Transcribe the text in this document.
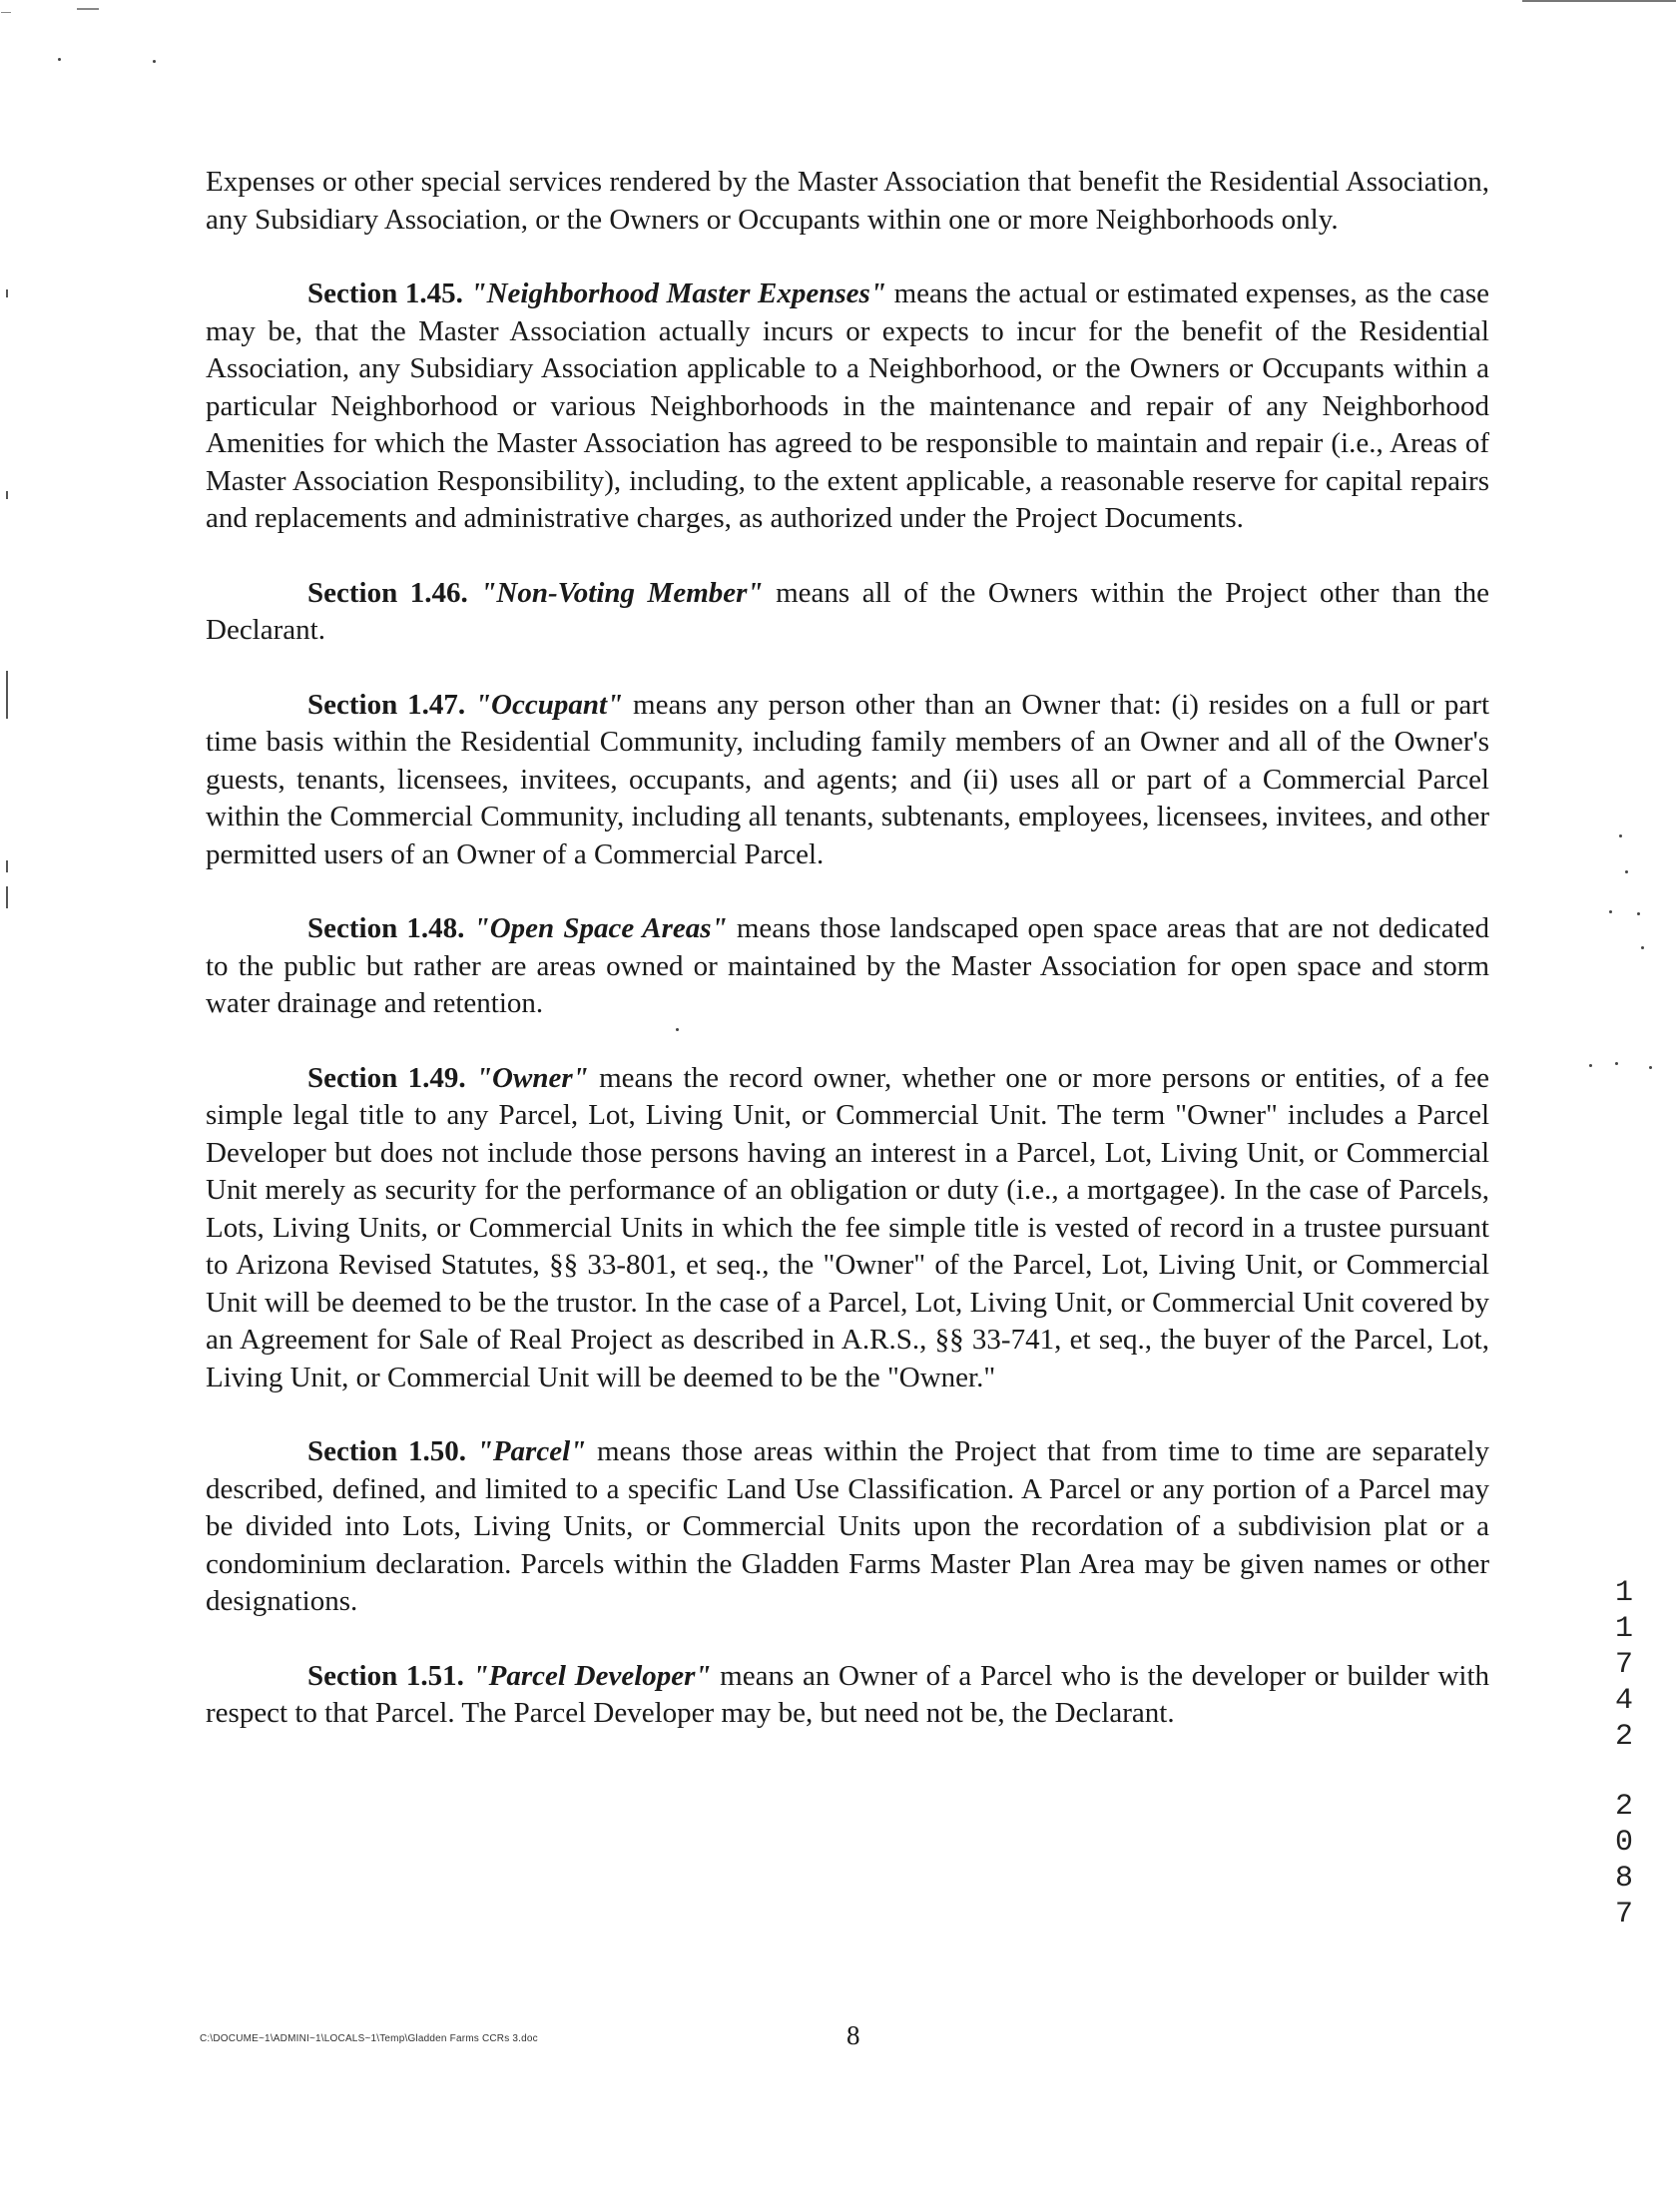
Expenses or other special services rendered by the Master Association that benefit the Residential Association, any Subsidiary Association, or the Owners or Occupants within one or more Neighborhoods only.

Section 1.45. "Neighborhood Master Expenses" means the actual or estimated expenses, as the case may be, that the Master Association actually incurs or expects to incur for the benefit of the Residential Association, any Subsidiary Association applicable to a Neighborhood, or the Owners or Occupants within a particular Neighborhood or various Neighborhoods in the maintenance and repair of any Neighborhood Amenities for which the Master Association has agreed to be responsible to maintain and repair (i.e., Areas of Master Association Responsibility), including, to the extent applicable, a reasonable reserve for capital repairs and replacements and administrative charges, as authorized under the Project Documents.
Section 1.46. "Non-Voting Member" means all of the Owners within the Project other than the Declarant.
Section 1.47. "Occupant" means any person other than an Owner that: (i) resides on a full or part time basis within the Residential Community, including family members of an Owner and all of the Owner's guests, tenants, licensees, invitees, occupants, and agents; and (ii) uses all or part of a Commercial Parcel within the Commercial Community, including all tenants, subtenants, employees, licensees, invitees, and other permitted users of an Owner of a Commercial Parcel.
Section 1.48. "Open Space Areas" means those landscaped open space areas that are not dedicated to the public but rather are areas owned or maintained by the Master Association for open space and storm water drainage and retention.
Section 1.49. "Owner" means the record owner, whether one or more persons or entities, of a fee simple legal title to any Parcel, Lot, Living Unit, or Commercial Unit. The term "Owner" includes a Parcel Developer but does not include those persons having an interest in a Parcel, Lot, Living Unit, or Commercial Unit merely as security for the performance of an obligation or duty (i.e., a mortgagee). In the case of Parcels, Lots, Living Units, or Commercial Units in which the fee simple title is vested of record in a trustee pursuant to Arizona Revised Statutes, §§ 33-801, et seq., the "Owner" of the Parcel, Lot, Living Unit, or Commercial Unit will be deemed to be the trustor. In the case of a Parcel, Lot, Living Unit, or Commercial Unit covered by an Agreement for Sale of Real Project as described in A.R.S., §§ 33-741, et seq., the buyer of the Parcel, Lot, Living Unit, or Commercial Unit will be deemed to be the "Owner."
Section 1.50. "Parcel" means those areas within the Project that from time to time are separately described, defined, and limited to a specific Land Use Classification. A Parcel or any portion of a Parcel may be divided into Lots, Living Units, or Commercial Units upon the recordation of a subdivision plat or a condominium declaration. Parcels within the Gladden Farms Master Plan Area may be given names or other designations.
Section 1.51. "Parcel Developer" means an Owner of a Parcel who is the developer or builder with respect to that Parcel. The Parcel Developer may be, but need not be, the Declarant.
11742
2087
C:\DOCUME~1\ADMINI~1\LOCALS~1\Temp\Gladden Farms CCRs 3.doc	8
